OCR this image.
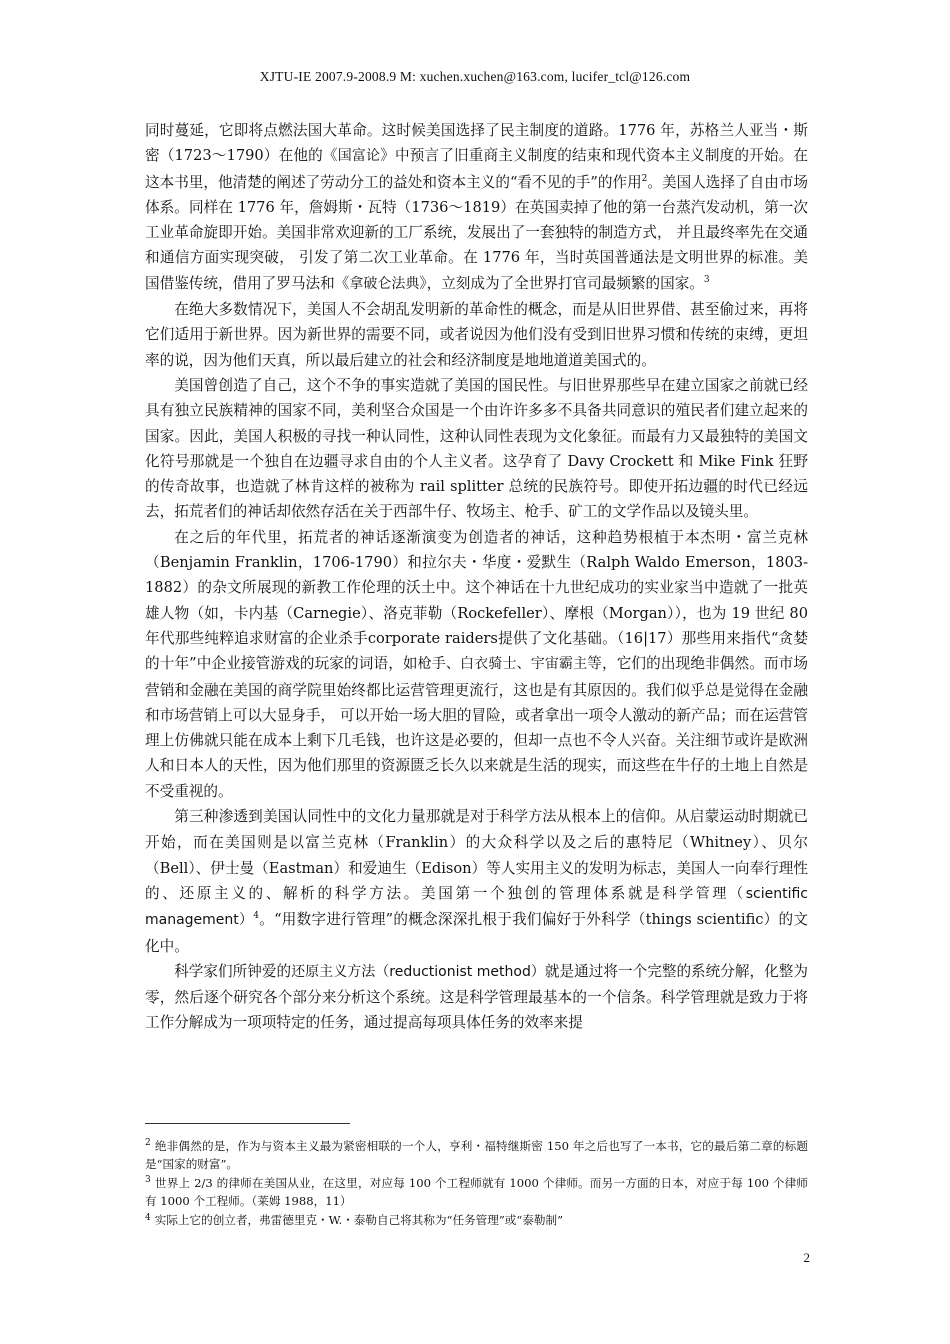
XJTU-IE 2007.9-2008.9 M: xuchen.xuchen@163.com, lucifer_tcl@126.com

同时蔓延，它即将点燃法国大革命。这时候美国选择了民主制度的道路。1776 年，苏格兰人亚当・斯密（1723～1790）在他的《国富论》中预言了旧重商主义制度的结束和现代资本主义制度的开始。在这本书里，他清楚的阐述了劳动分工的益处和资本主义的“看不见的手”的作用$^2$。美国人选择了自由市场体系。同样在 1776 年，詹姆斯・瓦特（1736～1819）在英国卖掉了他的第一台蒸汽发动机，第一次工业革命旋即开始。美国非常欢迎新的工厂系统，发展出了一套独特的制造方式， 并且最终率先在交通和通信方面实现突破， 引发了第二次工业革命。在 1776 年，当时英国普通法是文明世界的标准。美国借鉴传统，借用了罗马法和《拿破仑法典》，立刻成为了全世界打官司最频繁的国家。$^3$

在绝大多数情况下，美国人不会胡乱发明新的革命性的概念，而是从旧世界借、甚至偷过来，再将它们适用于新世界。因为新世界的需要不同，或者说因为他们没有受到旧世界习惯和传统的束缚，更坦率的说，因为他们天真，所以最后建立的社会和经济制度是地地道道美国式的。

美国曾创造了自己，这个不争的事实造就了美国的国民性。与旧世界那些早在建立国家之前就已经具有独立民族精神的国家不同，美利坚合众国是一个由许许多多不具备共同意识的殖民者们建立起来的国家。因此，美国人积极的寻找一种认同性，这种认同性表现为文化象征。而最有力又最独特的美国文化符号那就是一个独自在边疆寻求自由的个人主义者。这孕育了 Davy Crockett 和 Mike Fink 狂野的传奇故事，也造就了林肯这样的被称为 rail splitter 总统的民族符号。即使开拓边疆的时代已经远去，拓荒者们的神话却依然存活在关于西部牛仔、牧场主、枪手、矿工的文学作品以及镜头里。

在之后的年代里，拓荒者的神话逐渐演变为创造者的神话，这种趋势根植于本杰明・富兰克林（Benjamin Franklin，1706-1790）和拉尔夫・华度・爱默生（Ralph Waldo Emerson，1803-1882）的杂文所展现的新教工作伦理的沃土中。这个神话在十九世纪成功的实业家当中造就了一批英雄人物（如，卡内基（Carnegie）、洛克菲勒（Rockefeller）、摩根（Morgan）），也为 19 世纪 80 年代那些纯粹追求财富的企业杀手corporate raiders提供了文化基础。（16|17）那些用来指代“贪婪的十年”中企业接管游戏的玩家的词语，如枪手、白衣骑士、宇宙霸主等，它们的出现绝非偶然。而市场营销和金融在美国的商学院里始终都比运营管理更流行，这也是有其原因的。我们似乎总是觉得在金融和市场营销上可以大显身手， 可以开始一场大胆的冒险，或者拿出一项令人激动的新产品；而在运营管理上仿佛就只能在成本上剩下几毛钱，也许这是必要的，但却一点也不令人兴奋。关注细节或许是欧洲人和日本人的天性，因为他们那里的资源匮乏长久以来就是生活的现实，而这些在牛仔的土地上自然是不受重视的。

第三种渗透到美国认同性中的文化力量那就是对于科学方法从根本上的信仰。从启蒙运动时期就已开始，而在美国则是以富兰克林（Franklin）的大众科学以及之后的惠特尼（Whitney）、贝尔（Bell）、伊士曼（Eastman）和爱迪生（Edison）等人实用主义的发明为标志，美国人一向奉行理性的、还原主义的、解析的科学方法。美国第一个独创的管理体系就是科学管理（scientific management）$^4$。“用数字进行管理”的概念深深扎根于我们偏好于外科学（things scientific）的文化中。

科学家们所钟爱的还原主义方法（reductionist method）就是通过将一个完整的系统分解，化整为零，然后逐个研究各个部分来分析这个系统。这是科学管理最基本的一个信条。科学管理就是致力于将工作分解成为一项项特定的任务，通过提高每项具体任务的效率来提

$^2$ 绝非偶然的是，作为与资本主义最为紧密相联的一个人，亨利・福特继斯密 150 年之后也写了一本书，它的最后第二章的标题是“国家的财富”。

$^3$ 世界上 2/3 的律师在美国从业，在这里，对应每 100 个工程师就有 1000 个律师。而另一方面的日本，对应于每 100 个律师有 1000 个工程师。（莱姆 1988，11）

$^4$ 实际上它的创立者，弗雷德里克・W.・泰勒自己将其称为“任务管理”或“泰勒制”

2
